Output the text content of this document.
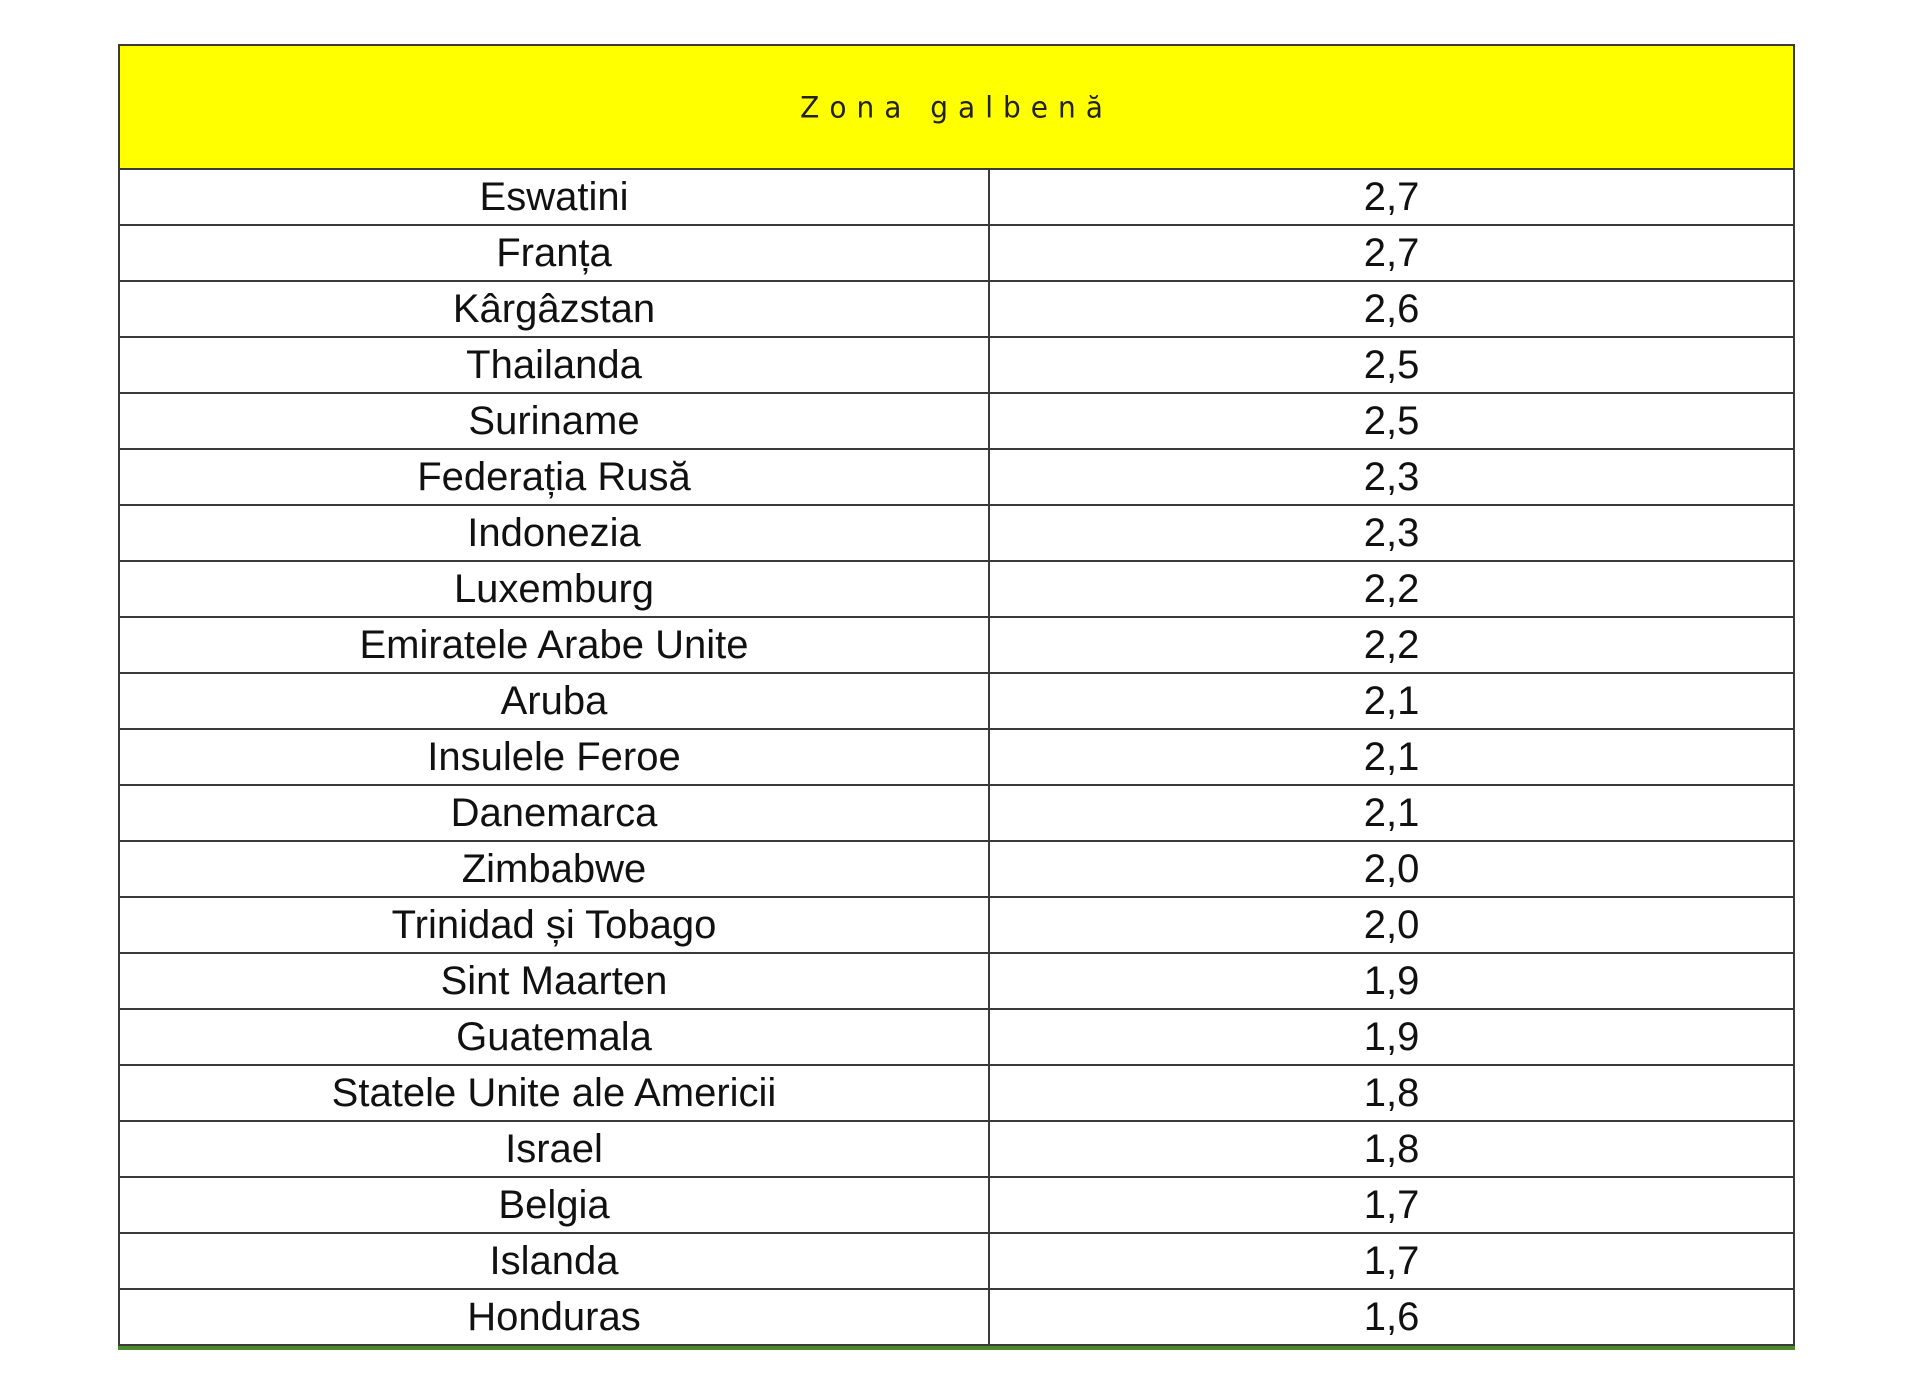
Zona galbenă	
Eswatini	2,7
Franța	2,7
Kârgâzstan	2,6
Thailanda	2,5
Suriname	2,5
Federația Rusă	2,3
Indonezia	2,3
Luxemburg	2,2
Emiratele Arabe Unite	2,2
Aruba	2,1
Insulele Feroe	2,1
Danemarca	2,1
Zimbabwe	2,0
Trinidad și Tobago	2,0
Sint Maarten	1,9
Guatemala	1,9
Statele Unite ale Americii	1,8
Israel	1,8
Belgia	1,7
Islanda	1,7
Honduras	1,6
